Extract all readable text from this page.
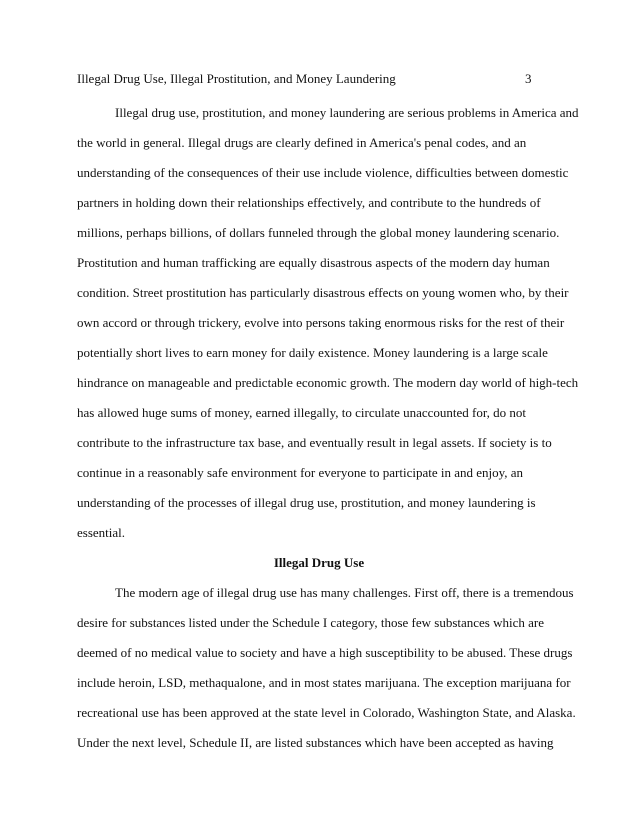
Illegal Drug Use, Illegal Prostitution, and Money Laundering	3
Illegal drug use, prostitution, and money laundering are serious problems in America and
the world in general. Illegal drugs are clearly defined in America's penal codes, and an
understanding of the consequences of their use include violence, difficulties between domestic
partners in holding down their relationships effectively, and contribute to the hundreds of
millions, perhaps billions, of dollars funneled through the global money laundering scenario.
Prostitution and human trafficking are equally disastrous aspects of the modern day human
condition. Street prostitution has particularly disastrous effects on young women who, by their
own accord or through trickery, evolve into persons taking enormous risks for the rest of their
potentially short lives to earn money for daily existence. Money laundering is a large scale
hindrance on manageable and predictable economic growth. The modern day world of high-tech
has allowed huge sums of money, earned illegally, to circulate unaccounted for, do not
contribute to the infrastructure tax base, and eventually result in legal assets. If society is to
continue in a reasonably safe environment for everyone to participate in and enjoy, an
understanding of the processes of illegal drug use, prostitution, and money laundering is
essential.
Illegal Drug Use
The modern age of illegal drug use has many challenges. First off, there is a tremendous
desire for substances listed under the Schedule I category, those few substances which are
deemed of no medical value to society and have a high susceptibility to be abused. These drugs
include heroin, LSD, methaqualone, and in most states marijuana. The exception marijuana for
recreational use has been approved at the state level in Colorado, Washington State, and Alaska.
Under the next level, Schedule II, are listed substances which have been accepted as having
